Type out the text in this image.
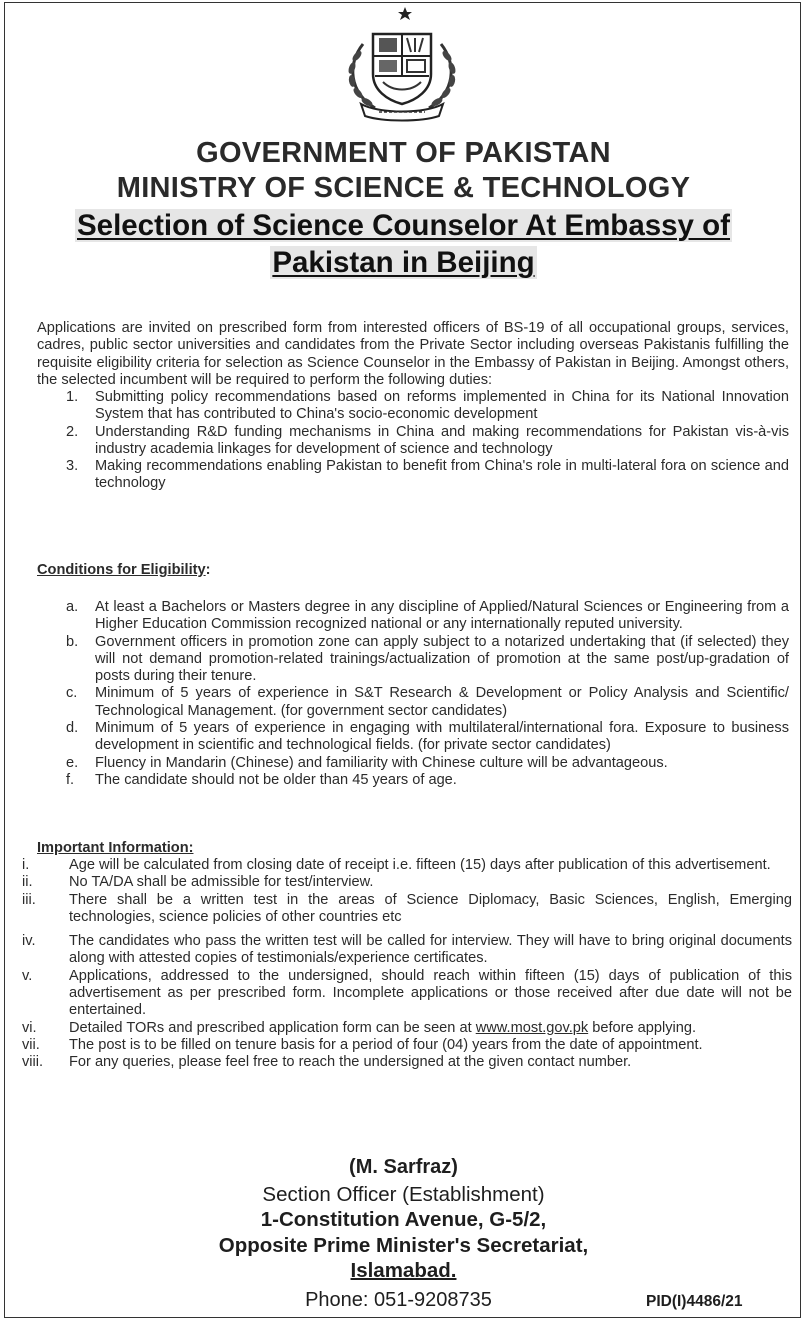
GOVERNMENT OF PAKISTAN
MINISTRY OF SCIENCE & TECHNOLOGY
Selection of Science Counselor At Embassy of
Pakistan in Beijing
Applications are invited on prescribed form from interested officers of BS-19 of all occupational groups, services, cadres, public sector universities and candidates from the Private Sector including overseas Pakistanis fulfilling the requisite eligibility criteria for selection as Science Counselor in the Embassy of Pakistan in Beijing. Amongst others, the selected incumbent will be required to perform the following duties:
1. Submitting policy recommendations based on reforms implemented in China for its National Innovation System that has contributed to China's socio-economic development
2. Understanding R&D funding mechanisms in China and making recommendations for Pakistan vis-à-vis industry academia linkages for development of science and technology
3. Making recommendations enabling Pakistan to benefit from China's role in multi-lateral fora on science and technology
Conditions for Eligibility:
a. At least a Bachelors or Masters degree in any discipline of Applied/Natural Sciences or Engineering from a Higher Education Commission recognized national or any internationally reputed university.
b. Government officers in promotion zone can apply subject to a notarized undertaking that (if selected) they will not demand promotion-related trainings/actualization of promotion at the same post/up-gradation of posts during their tenure.
c. Minimum of 5 years of experience in S&T Research & Development or Policy Analysis and Scientific/ Technological Management. (for government sector candidates)
d. Minimum of 5 years of experience in engaging with multilateral/international fora. Exposure to business development in scientific and technological fields. (for private sector candidates)
e. Fluency in Mandarin (Chinese) and familiarity with Chinese culture will be advantageous.
f. The candidate should not be older than 45 years of age.
Important Information:
i.	Age will be calculated from closing date of receipt i.e. fifteen (15) days after publication of this advertisement.
ii. No TA/DA shall be admissible for test/interview.
iii. There shall be a written test in the areas of Science Diplomacy, Basic Sciences, English, Emerging technologies, science policies of other countries etc
iv. The candidates who pass the written test will be called for interview. They will have to bring original documents along with attested copies of testimonials/experience certificates.
v.	Applications, addressed to the undersigned, should reach within fifteen (15) days of publication of this advertisement as per prescribed form. Incomplete applications or those received after due date will not be entertained.
vi. Detailed TORs and prescribed application form can be seen at www.most.gov.pk before applying.
vii. The post is to be filled on tenure basis for a period of four (04) years from the date of appointment.
viii. For any queries, please feel free to reach the undersigned at the given contact number.
(M. Sarfraz)
Section Officer (Establishment)
1-Constitution Avenue, G-5/2,
Opposite Prime Minister's Secretariat,
Islamabad.
Phone: 051-9208735	PID(I)4486/21
